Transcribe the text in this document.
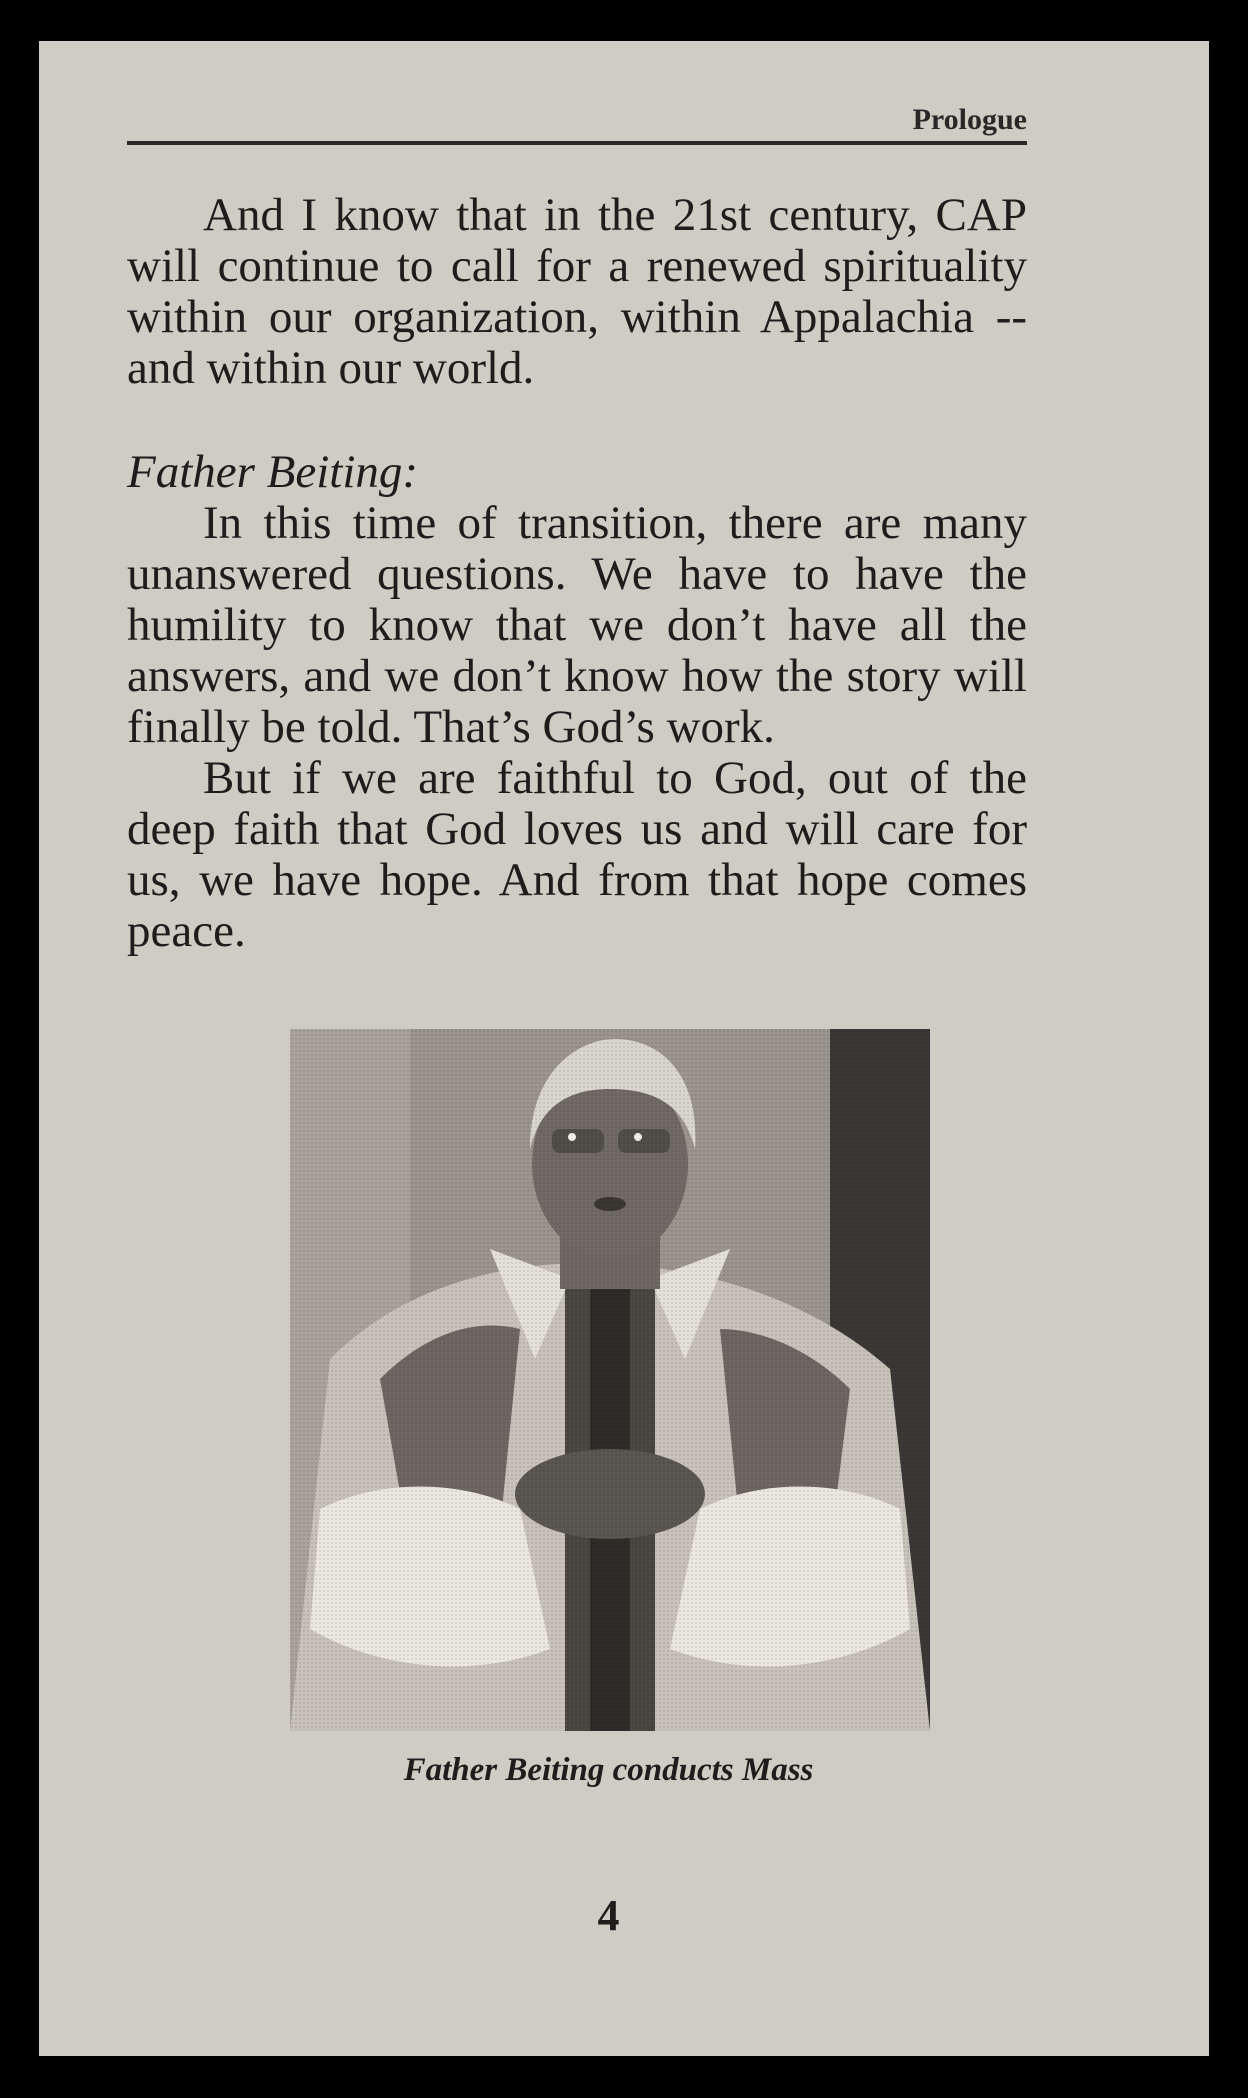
Prologue

And I know that in the 21st century, CAP will continue to call for a renewed spirituality within our organization, within Appalachia -- and within our world.

Father Beiting:

In this time of transition, there are many unanswered questions. We have to have the humility to know that we don’t have all the answers, and we don’t know how the story will finally be told. That’s God’s work.

But if we are faithful to God, out of the deep faith that God loves us and will care for us, we have hope. And from that hope comes peace.

Father Beiting conducts Mass
4
